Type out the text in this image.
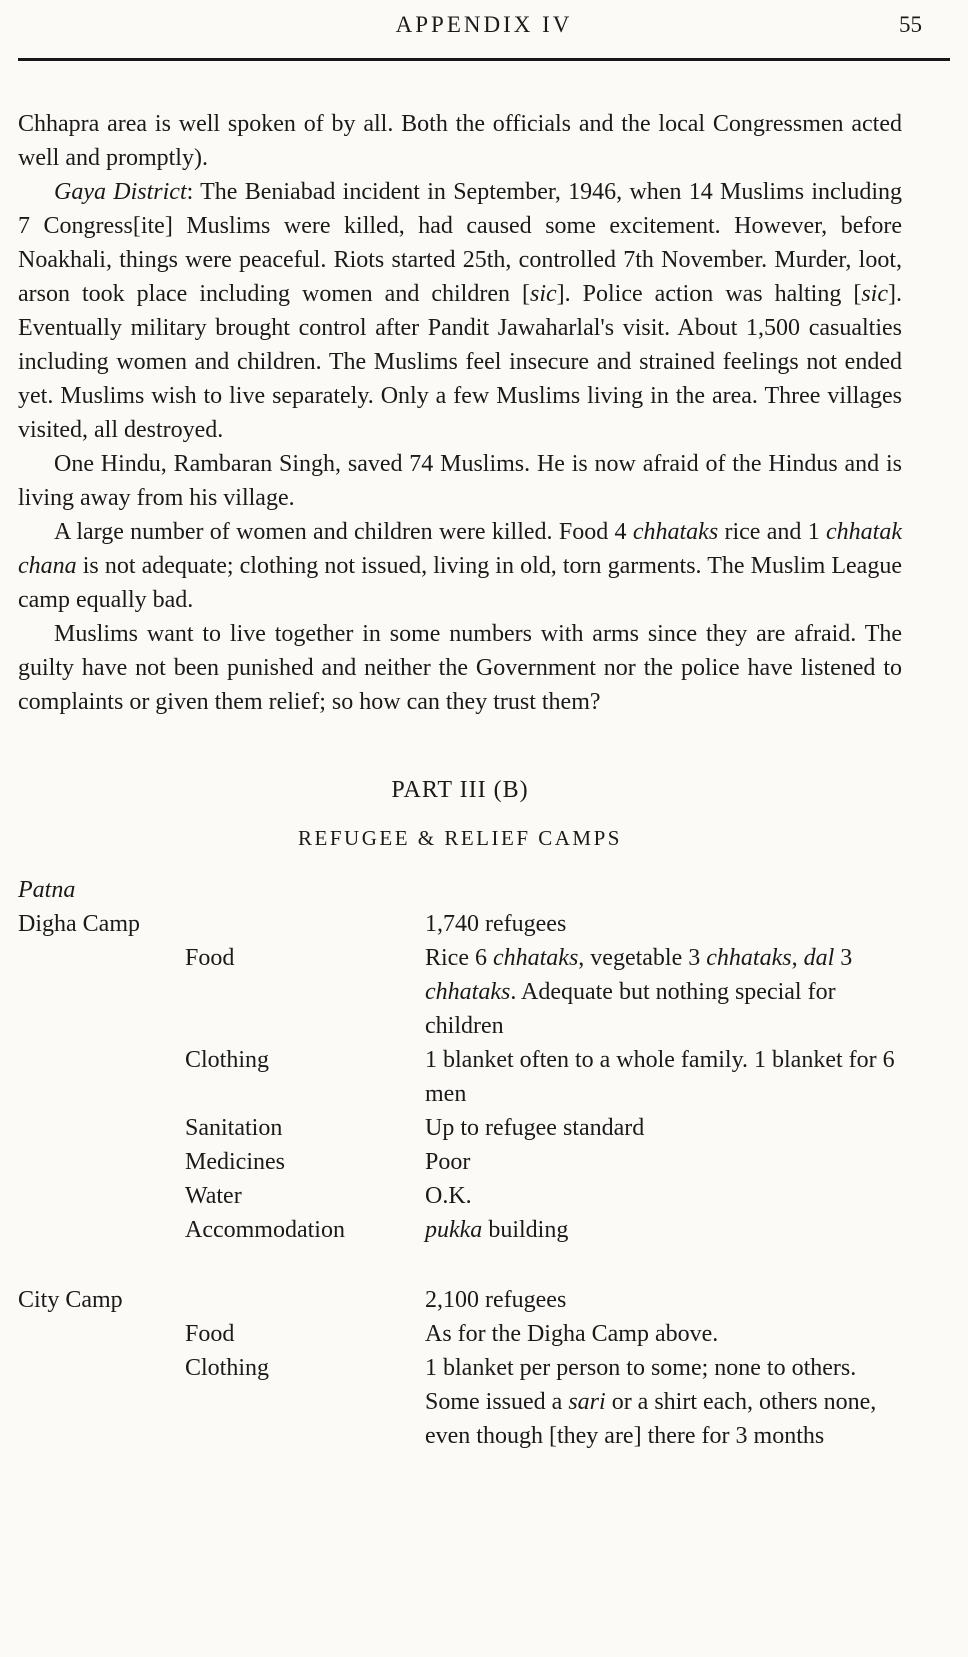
APPENDIX IV	55

Chhapra area is well spoken of by all. Both the officials and the local Congressmen acted well and promptly).

Gaya District: The Beniabad incident in September, 1946, when 14 Muslims including 7 Congress[ite] Muslims were killed, had caused some excitement. However, before Noakhali, things were peaceful. Riots started 25th, controlled 7th November. Murder, loot, arson took place including women and children [sic]. Police action was halting [sic]. Eventually military brought control after Pandit Jawaharlal's visit. About 1,500 casualties including women and children. The Muslims feel insecure and strained feelings not ended yet. Muslims wish to live separately. Only a few Muslims living in the area. Three villages visited, all destroyed.

One Hindu, Rambaran Singh, saved 74 Muslims. He is now afraid of the Hindus and is living away from his village.

A large number of women and children were killed. Food 4 chhataks rice and 1 chhatak chana is not adequate; clothing not issued, living in old, torn garments. The Muslim League camp equally bad.

Muslims want to live together in some numbers with arms since they are afraid. The guilty have not been punished and neither the Government nor the police have listened to complaints or given them relief; so how can they trust them?

PART III (B)
REFUGEE & RELIEF CAMPS
Patna
Digha Camp	1,740 refugees
Food	Rice 6 chhataks, vegetable 3 chhataks, dal 3 chhataks. Adequate but nothing special for children
Clothing	1 blanket often to a whole family. 1 blanket for 6 men
Sanitation	Up to refugee standard
Medicines	Poor
Water	O.K.
Accommodation	pukka building
City Camp	2,100 refugees
Food	As for the Digha Camp above.
Clothing	1 blanket per person to some; none to others. Some issued a sari or a shirt each, others none, even though [they are] there for 3 months
